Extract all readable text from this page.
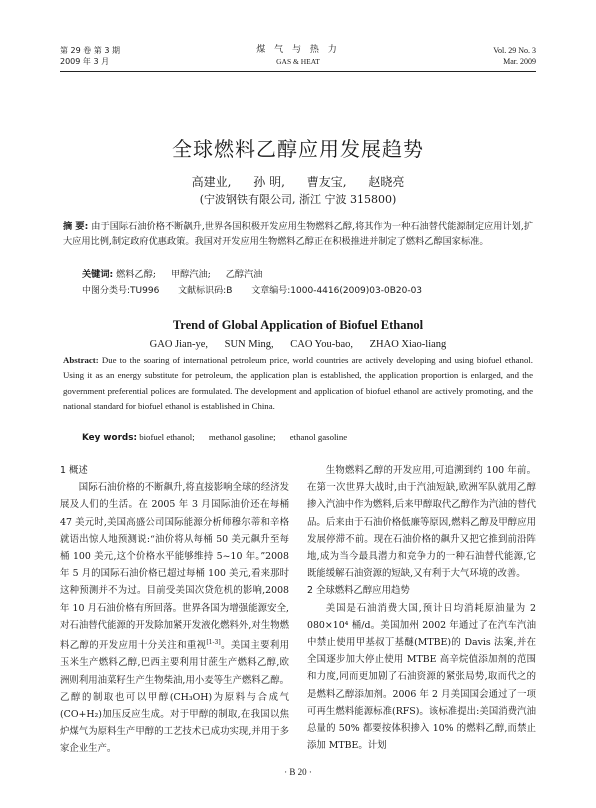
第 29 卷 第 3 期
2009 年 3 月
煤 气 与 热 力
GAS & HEAT
Vol. 29 No. 3
Mar. 2009
全球燃料乙醇应用发展趋势
高建业, 孙 明, 曹友宝, 赵晓亮
(宁波钢铁有限公司, 浙江 宁波 315800)
摘 要: 由于国际石油价格不断飙升,世界各国积极开发应用生物燃料乙醇,将其作为一种石油替代能源制定应用计划,扩大应用比例,制定政府优惠政策。我国对开发应用生物燃料乙醇正在积极推进并制定了燃料乙醇国家标准。
关键词: 燃料乙醇; 甲醇汽油; 乙醇汽油
中图分类号:TU996 文献标识码:B 文章编号:1000-4416(2009)03-0B20-03
Trend of Global Application of Biofuel Ethanol
GAO Jian-ye, SUN Ming, CAO You-bao, ZHAO Xiao-liang
Abstract: Due to the soaring of international petroleum price, world countries are actively developing and using biofuel ethanol. Using it as an energy substitute for petroleum, the application plan is established, the application proportion is enlarged, and the government preferential polices are formulated. The development and application of biofuel ethanol are actively promoting, and the national standard for biofuel ethanol is established in China.
Key words: biofuel ethanol; methanol gasoline; ethanol gasoline
1 概述
国际石油价格的不断飙升,将直接影响全球的经济发展及人们的生活。在 2005 年 3 月国际油价还在每桶 47 美元时,美国高盛公司国际能源分析师穆尔蒂和辛格就语出惊人地预测说:“油价将从每桶 50 美元飙升至每桶 100 美元,这个价格水平能够维持 5~10 年。”2008 年 5 月的国际石油价格已超过每桶 100 美元,看来那时这种预测并不为过。目前受美国次贷危机的影响,2008 年 10 月石油价格有所回落。世界各国为增强能源安全,对石油替代能源的开发除加紧开发液化燃料外,对生物燃料乙醇的开发应用十分关注和重视[1-3]。美国主要利用玉米生产燃料乙醇,巴西主要利用甘蔗生产燃料乙醇,欧洲则利用油菜籽生产生物柴油,用小麦等生产燃料乙醇。乙醇的制取也可以甲醇(CH₃OH)为原料与合成气(CO+H₂)加压反应生成。对于甲醇的制取,在我国以焦炉煤气为原料生产甲醇的工艺技术已成功实现,并用于多家企业生产。
生物燃料乙醇的开发应用,可追溯到约 100 年前。在第一次世界大战时,由于汽油短缺,欧洲军队就用乙醇掺入汽油中作为燃料,后来甲醇取代乙醇作为汽油的替代品。后来由于石油价格低廉等原因,燃料乙醇及甲醇应用发展停滞不前。现在石油价格的飙升又把它推到前沿阵地,成为当今最具潜力和竞争力的一种石油替代能源,它既能缓解石油资源的短缺,又有利于大气环境的改善。
2 全球燃料乙醇应用趋势
美国是石油消费大国,预计日均消耗原油量为 2 080×10⁴ 桶/d。美国加州 2002 年通过了在汽车汽油中禁止使用甲基叔丁基醚(MTBE)的 Davis 法案,并在全国逐步加大停止使用 MTBE 高辛烷值添加剂的范围和力度,同而更加剧了石油资源的紧张局势,取而代之的是燃料乙醇添加剂。2006 年 2 月美国国会通过了一项可再生燃料能源标准(RFS)。该标准提出:美国消费汽油总量的 50% 都要按体积掺入 10% 的燃料乙醇,而禁止添加 MTBE。计划
· B 20 ·
